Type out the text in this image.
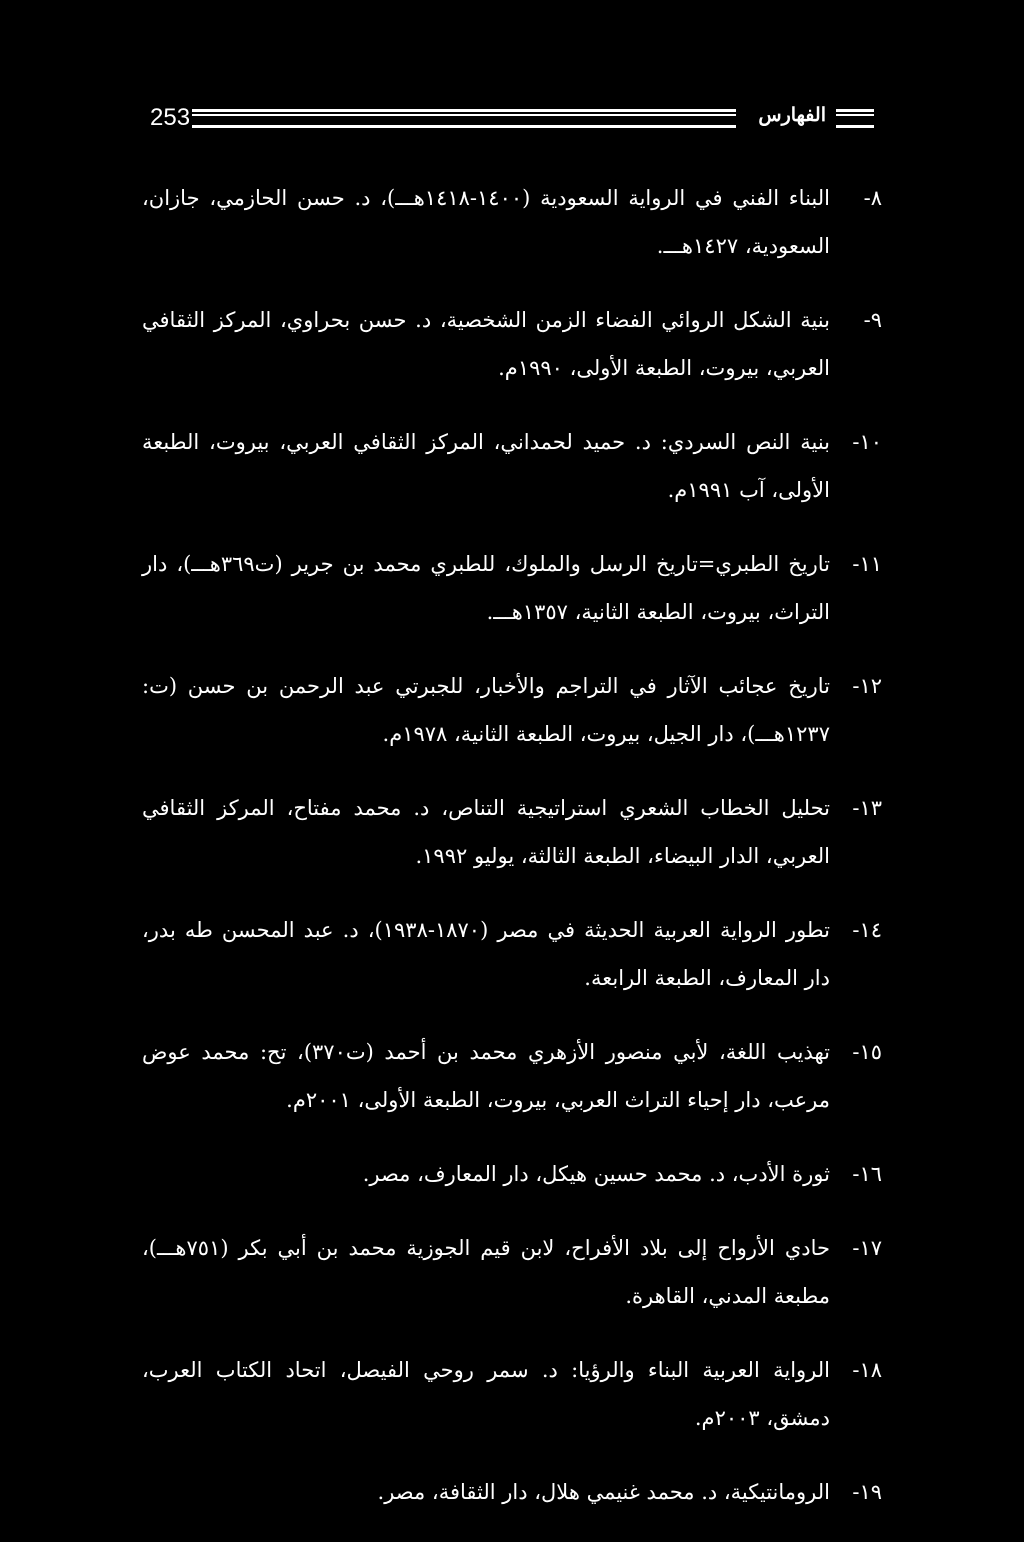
253	الفهارس
٨-
البناء الفني في الرواية السعودية (١٤٠٠-١٤١٨هـــ)، د. حسن الحازمي، جازان، السعودية، ١٤٢٧هـــ.
٩-
بنية الشكل الروائي الفضاء الزمن الشخصية، د. حسن بحراوي، المركز الثقافي العربي، بيروت، الطبعة الأولى، ١٩٩٠م.
١٠-
بنية النص السردي: د. حميد لحمداني، المركز الثقافي العربي، بيروت، الطبعة الأولى، آب ١٩٩١م.
١١-
تاريخ الطبري=تاريخ الرسل والملوك، للطبري محمد بن جرير (ت٣٦٩هـــ)، دار التراث، بيروت، الطبعة الثانية، ١٣٥٧هـــ.
١٢-
تاريخ عجائب الآثار في التراجم والأخبار، للجبرتي عبد الرحمن بن حسن (ت: ١٢٣٧هـــ)، دار الجيل، بيروت، الطبعة الثانية، ١٩٧٨م.
١٣-
تحليل الخطاب الشعري استراتيجية التناص، د. محمد مفتاح، المركز الثقافي العربي، الدار البيضاء، الطبعة الثالثة، يوليو ١٩٩٢.
١٤-
تطور الرواية العربية الحديثة في مصر (١٨٧٠-١٩٣٨)، د. عبد المحسن طه بدر، دار المعارف، الطبعة الرابعة.
١٥-
تهذيب اللغة، لأبي منصور الأزهري محمد بن أحمد (ت٣٧٠)، تح: محمد عوض مرعب، دار إحياء التراث العربي، بيروت، الطبعة الأولى، ٢٠٠١م.
١٦-
ثورة الأدب، د. محمد حسين هيكل، دار المعارف، مصر.
١٧-
حادي الأرواح إلى بلاد الأفراح، لابن قيم الجوزية محمد بن أبي بكر (٧٥١هـــ)، مطبعة المدني، القاهرة.
١٨-
الرواية العربية البناء والرؤيا: د. سمر روحي الفيصل، اتحاد الكتاب العرب، دمشق، ٢٠٠٣م.
١٩-
الرومانتيكية، د. محمد غنيمي هلال، دار الثقافة، مصر.
